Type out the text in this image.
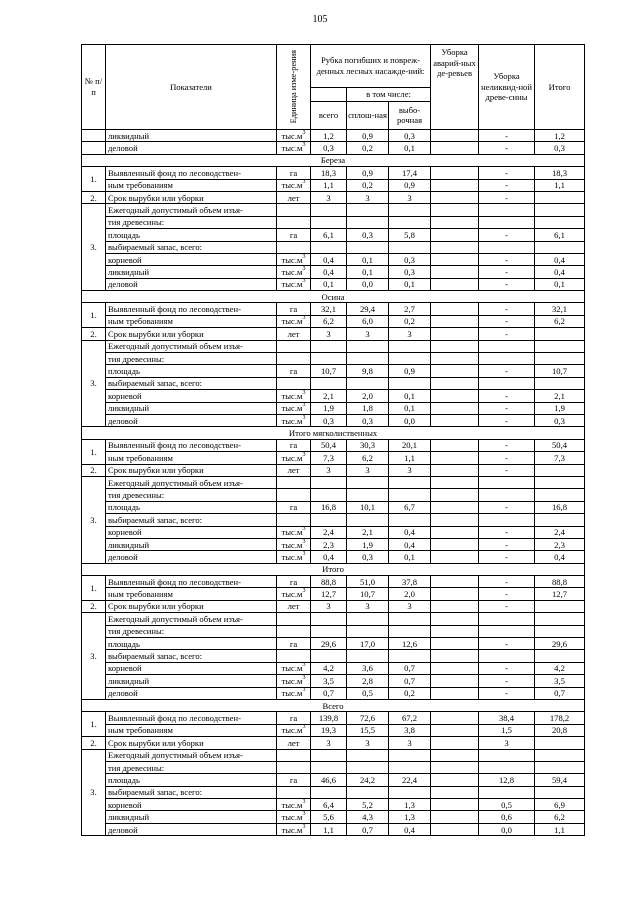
105
№ п/п	Показатели	Единица изме-рения	Рубка погибших и повреж-денных лесных насажде-ний:			Уборка аварий-ных де-ревьев	Уборка неликвид-ной древе-сины	Итого
				в том числе:				
			всего	сплош-ная	выбо-рочная			
	ликвидный	$тыс.м^3$	1,2	0,9	0,3		-	1,2
	деловой	$тыс.м^3$	0,3	0,2	0,1		-	0,3
Береза								
1.	Выявленный фонд по лесоводствен-	га	18,3	0,9	17,4		-	18,3
	ным требованиям	$тыс.м^3$	1,1	0,2	0,9		-	1,1
2.	Срок вырубки или уборки	лет	3	3	3		-	
3.	Ежегодный допустимый объем изъя-							
	тия древесины:							
	площадь	га	6,1	0,3	5,8		-	6,1
	выбираемый запас, всего:							
	корневой	$тыс.м^3$	0,4	0,1	0,3		-	0,4
	ликвидный	$тыс.м^3$	0,4	0,1	0,3		-	0,4
	деловой	$тыс.м^3$	0,1	0,0	0,1		-	0,1
Осина								
1.	Выявленный фонд по лесоводствен-	га	32,1	29,4	2,7		-	32,1
	ным требованиям	$тыс.м^3$	6,2	6,0	0,2		-	6,2
2.	Срок вырубки или уборки	лет	3	3	3		-	
3.	Ежегодный допустимый объем изъя-							
	тия древесины:							
	площадь	га	10,7	9,8	0,9		-	10,7
	выбираемый запас, всего:							
	корневой	$тыс.м^3$	2,1	2,0	0,1		-	2,1
	ликвидный	$тыс.м^3$	1,9	1,8	0,1		-	1,9
	деловой	$тыс.м^3$	0,3	0,3	0,0		-	0,3
Итого мягколиственных								
1.	Выявленный фонд по лесоводствен-	га	50,4	30,3	20,1		-	50,4
	ным требованиям	$тыс.м^3$	7,3	6,2	1,1		-	7,3
2.	Срок вырубки или уборки	лет	3	3	3		-	
3.	Ежегодный допустимый объем изъя-							
	тия древесины:							
	площадь	га	16,8	10,1	6,7		-	16,8
	выбираемый запас, всего:							
	корневой	$тыс.м^3$	2,4	2,1	0,4		-	2,4
	ликвидный	$тыс.м^3$	2,3	1,9	0,4		-	2,3
	деловой	$тыс.м^3$	0,4	0,3	0,1		-	0,4
Итого								
1.	Выявленный фонд по лесоводствен-	га	88,8	51,0	37,8		-	88,8
	ным требованиям	$тыс.м^3$	12,7	10,7	2,0		-	12,7
2.	Срок вырубки или уборки	лет	3	3	3		-	
3.	Ежегодный допустимый объем изъя-							
	тия древесины:							
	площадь	га	29,6	17,0	12,6		-	29,6
	выбираемый запас, всего:							
	корневой	$тыс.м^3$	4,2	3,6	0,7		-	4,2
	ликвидный	$тыс.м^3$	3,5	2,8	0,7		-	3,5
	деловой	$тыс.м^3$	0,7	0,5	0,2		-	0,7
Всего								
1.	Выявленный фонд по лесоводствен-	га	139,8	72,6	67,2		38,4	178,2
	ным требованиям	$тыс.м^3$	19,3	15,5	3,8		1,5	20,8
2.	Срок вырубки или уборки	лет	3	3	3		3	
3.	Ежегодный допустимый объем изъя-							
	тия древесины:							
	площадь	га	46,6	24,2	22,4		12,8	59,4
	выбираемый запас, всего:							
	корневой	$тыс.м^3$	6,4	5,2	1,3		0,5	6,9
	ликвидный	$тыс.м^3$	5,6	4,3	1,3		0,6	6,2
	деловой	$тыс.м^3$	1,1	0,7	0,4		0,0	1,1
